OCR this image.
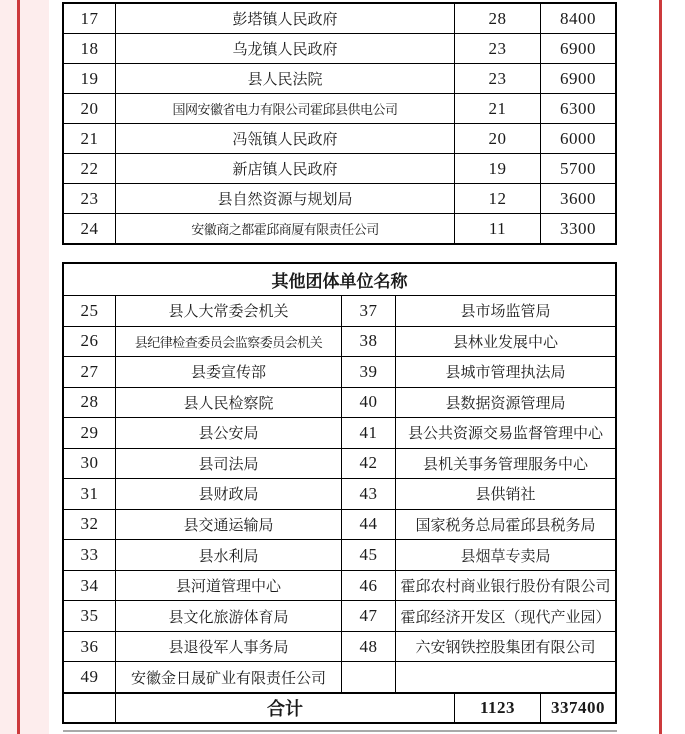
17	彭塔镇人民政府	28	8400
18	乌龙镇人民政府	23	6900
19	县人民法院	23	6900
20	国网安徽省电力有限公司霍邱县供电公司	21	6300
21	冯瓴镇人民政府	20	6000
22	新店镇人民政府	19	5700
23	县自然资源与规划局	12	3600
24	安徽商之都霍邱商厦有限责任公司	11	3300
其他团体单位名称
25	县人大常委会机关	37	县市场监管局
26	县纪律检查委员会监察委员会机关 38	县林业发展中心
27	县委宣传部	39	县城市管理执法局
28	县人民检察院	40	县数据资源管理局
29	县公安局	41 县公共资源交易监督管理中心
30	县司法局	42	县机关事务管理服务中心
31	县财政局	43	县供销社
32	县交通运输局	44	国家税务总局霍邱县税务局
33	县水利局	45	县烟草专卖局
34	县河道管理中心	46 霍邱农村商业银行股份有限公司
35	县文化旅游体育局	47 霍邱经济开发区（现代产业园）
36	县退役军人事务局	48	六安钢铁控股集团有限公司
49 安徽金日晟矿业有限责任公司
合计	1123 337400
